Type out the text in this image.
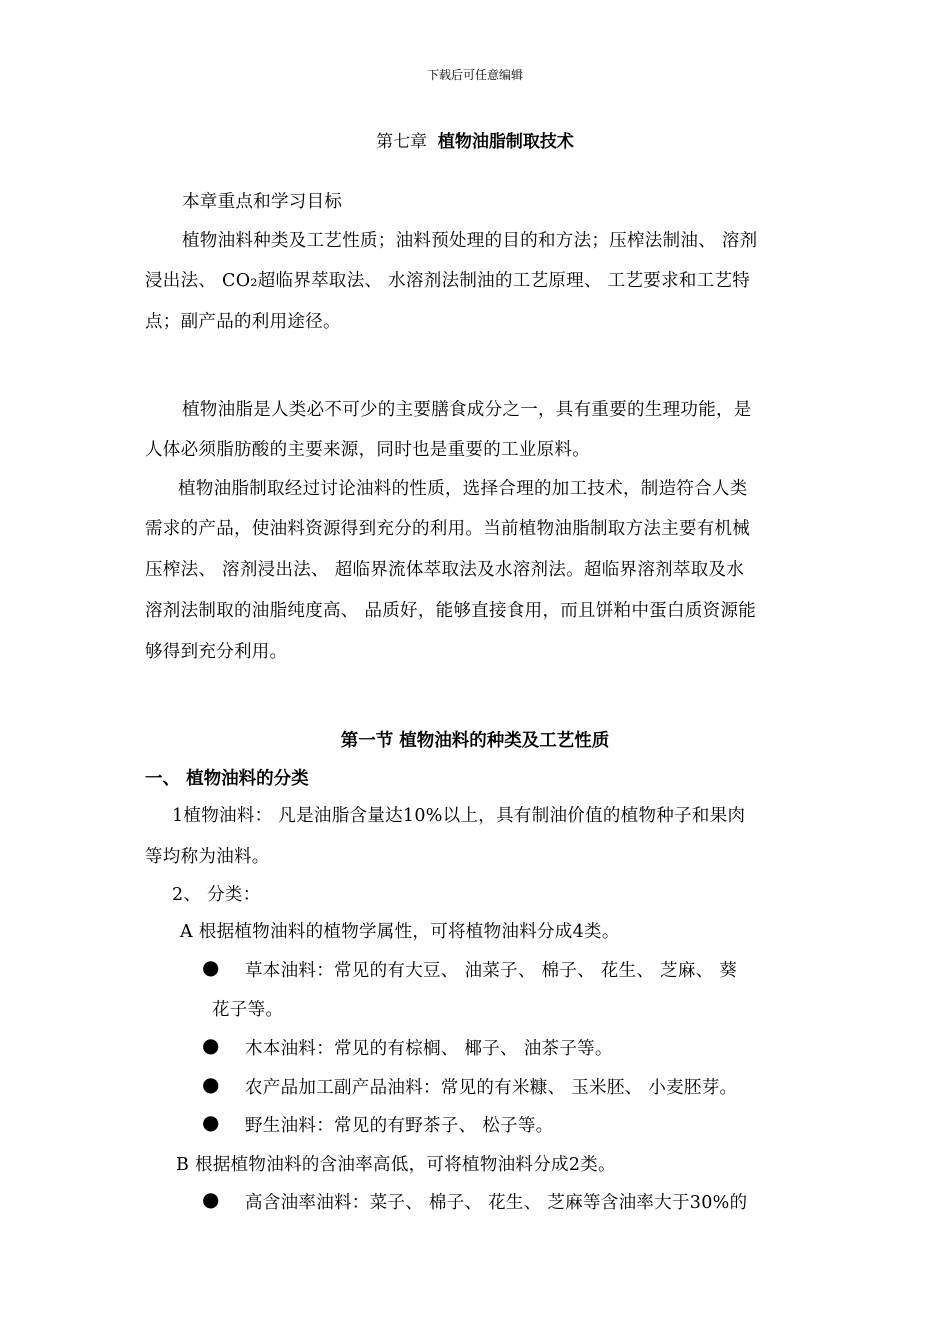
下载后可任意编辑
第七章 植物油脂制取技术
本章重点和学习目标
植物油料种类及工艺性质；油料预处理的目的和方法；压榨法制油、 溶剂
浸出法、 CO₂超临界萃取法、 水溶剂法制油的工艺原理、 工艺要求和工艺特
点；副产品的利用途径。
植物油脂是人类必不可少的主要膳食成分之一，具有重要的生理功能，是
人体必须脂肪酸的主要来源，同时也是重要的工业原料。
植物油脂制取经过讨论油料的性质，选择合理的加工技术，制造符合人类
需求的产品，使油料资源得到充分的利用。当前植物油脂制取方法主要有机械
压榨法、 溶剂浸出法、 超临界流体萃取法及水溶剂法。超临界溶剂萃取及水
溶剂法制取的油脂纯度高、 品质好，能够直接食用，而且饼粕中蛋白质资源能
够得到充分利用。
第一节 植物油料的种类及工艺性质
一、 植物油料的分类
1植物油料： 凡是油脂含量达10%以上，具有制油价值的植物种子和果肉
等均称为油料。
2、 分类：
A 根据植物油料的植物学属性，可将植物油料分成4类。
● 草本油料：常见的有大豆、 油菜子、 棉子、 花生、 芝麻、 葵
花子等。
● 木本油料：常见的有棕榈、 椰子、 油茶子等。
● 农产品加工副产品油料：常见的有米糠、 玉米胚、 小麦胚芽。
● 野生油料：常见的有野茶子、 松子等。
B 根据植物油料的含油率高低，可将植物油料分成2类。
● 高含油率油料：菜子、 棉子、 花生、 芝麻等含油率大于30%的
